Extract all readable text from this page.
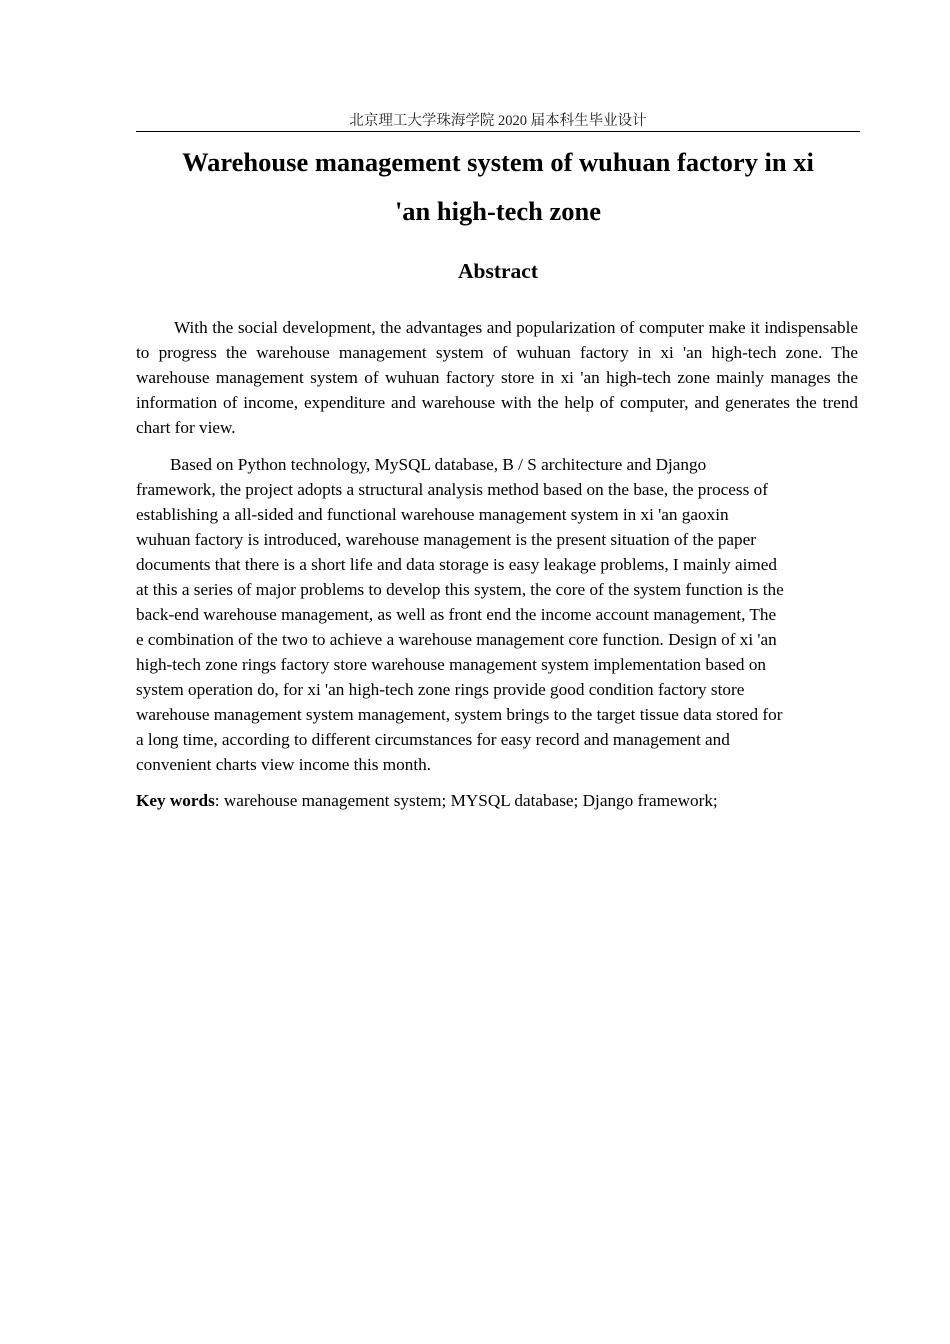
北京理工大学珠海学院 2020 届本科生毕业设计
Warehouse management system of wuhuan factory in xi
'an high-tech zone
Abstract

With the social development, the advantages and popularization of computer make it indispensable to progress the warehouse management system of wuhuan factory in xi 'an high-tech zone. The warehouse management system of wuhuan factory store in xi 'an high-tech zone mainly manages the information of income, expenditure and warehouse with the help of computer, and generates the trend chart for view.

Based on Python technology, MySQL database, B / S architecture and Django
framework, the project adopts a structural analysis method based on the base, the process of
establishing a all-sided and functional warehouse management system in xi 'an gaoxin
wuhuan factory is introduced, warehouse management is the present situation of the paper
documents that there is a short life and data storage is easy leakage problems, I mainly aimed
at this a series of major problems to develop this system, the core of the system function is the
back-end warehouse management, as well as front end the income account management, The
e combination of the two to achieve a warehouse management core function. Design of xi 'an
high-tech zone rings factory store warehouse management system implementation based on
system operation do, for xi 'an high-tech zone rings provide good condition factory store
warehouse management system management, system brings to the target tissue data stored for
a long time, according to different circumstances for easy record and management and
convenient charts view income this month.

Key words: warehouse management system; MYSQL database; Django framework;
